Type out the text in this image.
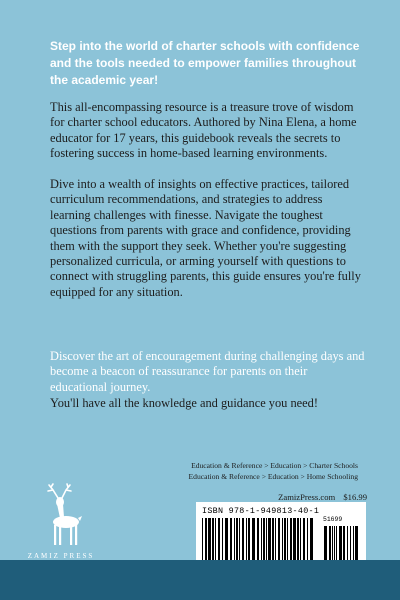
Step into the world of charter schools with confidence and the tools needed to empower families throughout the academic year!

This all-encompassing resource is a treasure trove of wisdom for charter school educators. Authored by Nina Elena, a home educator for 17 years, this guidebook reveals the secrets to fostering success in home-based learning environments.

Dive into a wealth of insights on effective practices, tailored curriculum recommendations, and strategies to address learning challenges with finesse. Navigate the toughest questions from parents with grace and confidence, providing them with the support they seek. Whether you're suggesting personalized curricula, or arming yourself with questions to connect with struggling parents, this guide ensures you're fully equipped for any situation.

Discover the art of encouragement during challenging days and become a beacon of reassurance for parents on their educational journey.

You'll have all the knowledge and guidance you need!

Education & Reference > Education > Charter Schools
Education & Reference > Education > Home Schooling
ZamizPress.com $16.99
ISBN 978-1-949813-40-1
51699
ZAMIZ PRESS
